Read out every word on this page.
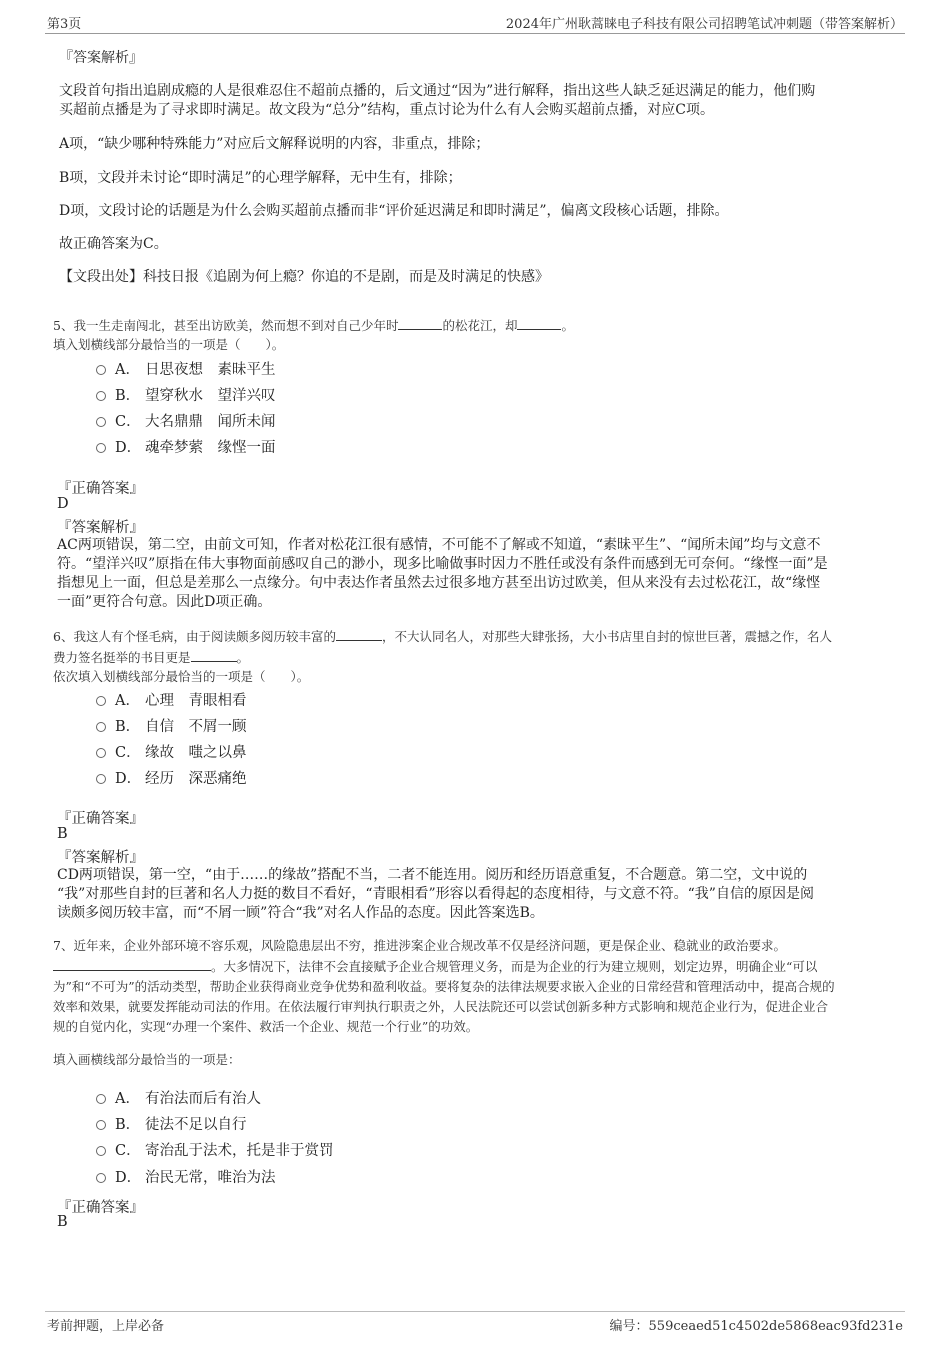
第3页	2024年广州耿蒿睐电子科技有限公司招聘笔试冲刺题（带答案解析）
『答案解析』
文段首句指出追剧成瘾的人是很难忍住不超前点播的，后文通过“因为”进行解释，指出这些人缺乏延迟满足的能力，他们购
买超前点播是为了寻求即时满足。故文段为“总分”结构，重点讨论为什么有人会购买超前点播，对应C项。
A项，“缺少哪种特殊能力”对应后文解释说明的内容，非重点，排除；
B项，文段并未讨论“即时满足”的心理学解释，无中生有，排除；
D项，文段讨论的话题是为什么会购买超前点播而非“评价延迟满足和即时满足”，偏离文段核心话题，排除。
故正确答案为C。
【文段出处】科技日报《追剧为何上瘾？你追的不是剧，而是及时满足的快感》
5、我一生走南闯北，甚至出访欧美，然而想不到对自己少年时	的松花江，却	。
填入划横线部分最恰当的一项是（　　）。
A． 日思夜想　素昧平生
B． 望穿秋水　望洋兴叹
C． 大名鼎鼎　闻所未闻
D． 魂牵梦萦　缘悭一面
『正确答案』
D
『答案解析』
AC两项错误，第二空，由前文可知，作者对松花江很有感情，不可能不了解或不知道，“素昧平生”、“闻所未闻”均与文意不
符。“望洋兴叹”原指在伟大事物面前感叹自己的渺小，现多比喻做事时因力不胜任或没有条件而感到无可奈何。“缘悭一面”是
指想见上一面，但总是差那么一点缘分。句中表达作者虽然去过很多地方甚至出访过欧美，但从来没有去过松花江，故“缘悭
一面”更符合句意。因此D项正确。
6、我这人有个怪毛病，由于阅读颇多阅历较丰富的	，不大认同名人，对那些大肆张扬，大小书店里自封的惊世巨著，震撼之作，名人
费力签名挺举的书目更是	。
依次填入划横线部分最恰当的一项是（　　）。
A． 心理　青眼相看
B． 自信　不屑一顾
C． 缘故　嗤之以鼻
D． 经历　深恶痛绝
『正确答案』
B
『答案解析』
CD两项错误，第一空，“由于……的缘故”搭配不当，二者不能连用。阅历和经历语意重复，不合题意。第二空，文中说的
“我”对那些自封的巨著和名人力挺的数目不看好，“青眼相看”形容以看得起的态度相待，与文意不符。“我”自信的原因是阅
读颇多阅历较丰富，而“不屑一顾”符合“我”对名人作品的态度。因此答案选B。
7、近年来，企业外部环境不容乐观，风险隐患层出不穷，推进涉案企业合规改革不仅是经济问题，更是保企业、稳就业的政治要求。
。大多情况下，法律不会直接赋予企业合规管理义务，而是为企业的行为建立规则，划定边界，明确企业“可以
为”和“不可为”的活动类型，帮助企业获得商业竞争优势和盈利收益。要将复杂的法律法规要求嵌入企业的日常经营和管理活动中，提高合规的
效率和效果，就要发挥能动司法的作用。在依法履行审判执行职责之外，人民法院还可以尝试创新多种方式影响和规范企业行为，促进企业合
规的自觉内化，实现“办理一个案件、救活一个企业、规范一个行业”的功效。
填入画横线部分最恰当的一项是：
A． 有治法而后有治人
B． 徒法不足以自行
C． 寄治乱于法术，托是非于赏罚
D． 治民无常，唯治为法
『正确答案』
B
考前押题，上岸必备	编号：559ceaed51c4502de5868eac93fd231e
